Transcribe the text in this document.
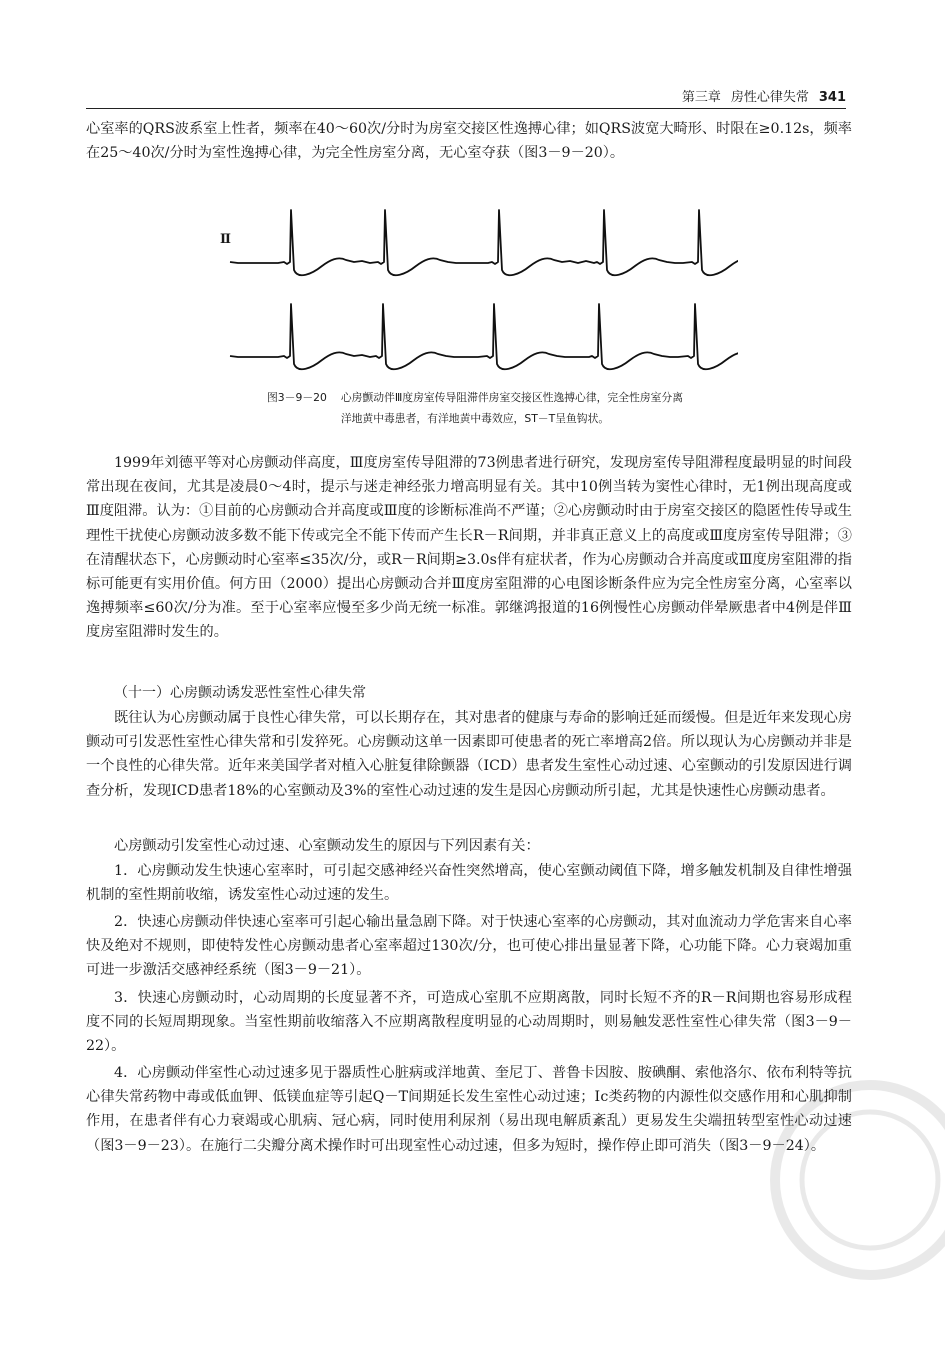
第三章 房性心律失常 341

心室率的QRS波系室上性者，频率在40～60次/分时为房室交接区性逸搏心律；如QRS波宽大畸形、时限在≥0.12s，频率在25～40次/分时为室性逸搏心律，为完全性房室分离，无心室夺获（图3－9－20）。

Ⅱ

图3－9－20 心房颤动伴Ⅲ度房室传导阻滞伴房室交接区性逸搏心律，完全性房室分离

洋地黄中毒患者，有洋地黄中毒效应，ST－T呈鱼钩状。

1999年刘德平等对心房颤动伴高度，Ⅲ度房室传导阻滞的73例患者进行研究，发现房室传导阻滞程度最明显的时间段常出现在夜间，尤其是凌晨0～4时，提示与迷走神经张力增高明显有关。其中10例当转为窦性心律时，无1例出现高度或Ⅲ度阻滞。认为：①目前的心房颤动合并高度或Ⅲ度的诊断标准尚不严谨；②心房颤动时由于房室交接区的隐匿性传导或生理性干扰使心房颤动波多数不能下传或完全不能下传而产生长R－R间期，并非真正意义上的高度或Ⅲ度房室传导阻滞；③在清醒状态下，心房颤动时心室率≤35次/分，或R－R间期≥3.0s伴有症状者，作为心房颤动合并高度或Ⅲ度房室阻滞的指标可能更有实用价值。何方田（2000）提出心房颤动合并Ⅲ度房室阻滞的心电图诊断条件应为完全性房室分离，心室率以逸搏频率≤60次/分为准。至于心室率应慢至多少尚无统一标准。郭继鸿报道的16例慢性心房颤动伴晕厥患者中4例是伴Ⅲ度房室阻滞时发生的。

（十一）心房颤动诱发恶性室性心律失常

既往认为心房颤动属于良性心律失常，可以长期存在，其对患者的健康与寿命的影响迁延而缓慢。但是近年来发现心房颤动可引发恶性室性心律失常和引发猝死。心房颤动这单一因素即可使患者的死亡率增高2倍。所以现认为心房颤动并非是一个良性的心律失常。近年来美国学者对植入心脏复律除颤器（ICD）患者发生室性心动过速、心室颤动的引发原因进行调查分析，发现ICD患者18%的心室颤动及3%的室性心动过速的发生是因心房颤动所引起，尤其是快速性心房颤动患者。

心房颤动引发室性心动过速、心室颤动发生的原因与下列因素有关：

1．心房颤动发生快速心室率时，可引起交感神经兴奋性突然增高，使心室颤动阈值下降，增多触发机制及自律性增强机制的室性期前收缩，诱发室性心动过速的发生。

2．快速心房颤动伴快速心室率可引起心输出量急剧下降。对于快速心室率的心房颤动，其对血流动力学危害来自心率快及绝对不规则，即使特发性心房颤动患者心室率超过130次/分，也可使心排出量显著下降，心功能下降。心力衰竭加重可进一步激活交感神经系统（图3－9－21）。

3．快速心房颤动时，心动周期的长度显著不齐，可造成心室肌不应期离散，同时长短不齐的R－R间期也容易形成程度不同的长短周期现象。当室性期前收缩落入不应期离散程度明显的心动周期时，则易触发恶性室性心律失常（图3－9－22）。

4．心房颤动伴室性心动过速多见于器质性心脏病或洋地黄、奎尼丁、普鲁卡因胺、胺碘酮、索他洛尔、依布利特等抗心律失常药物中毒或低血钾、低镁血症等引起Q－T间期延长发生室性心动过速；Ⅰc类药物的内源性似交感作用和心肌抑制作用，在患者伴有心力衰竭或心肌病、冠心病，同时使用利尿剂（易出现电解质紊乱）更易发生尖端扭转型室性心动过速（图3－9－23）。在施行二尖瓣分离术操作时可出现室性心动过速，但多为短时，操作停止即可消失（图3－9－24）。
